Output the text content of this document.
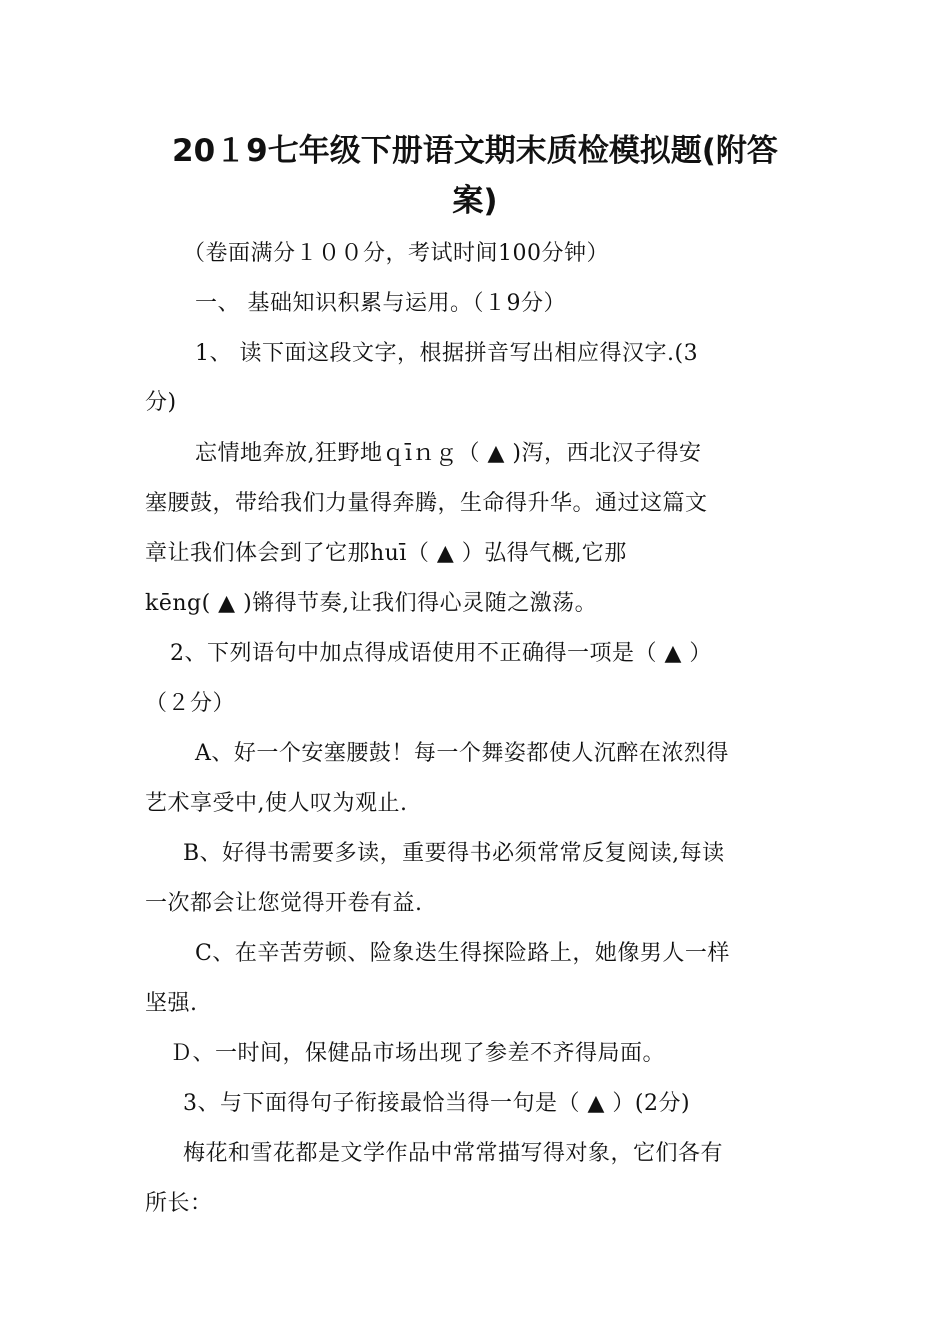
20１9七年级下册语文期末质检模拟题(附答
案)
（卷面满分１００分，考试时间100分钟）
一、 基础知识积累与运用。（１9分）
1、 读下面这段文字，根据拼音写出相应得汉字.(3
分)
忘情地奔放,狂野地ｑīｎｇ（ ▲ )泻，西北汉子得安
塞腰鼓，带给我们力量得奔腾，生命得升华。通过这篇文
章让我们体会到了它那huī（ ▲ ）弘得气概,它那
kēng( ▲ )锵得节奏,让我们得心灵随之激荡。
2、下列语句中加点得成语使用不正确得一项是（ ▲ ）
（２分）
A、好一个安塞腰鼓！每一个舞姿都使人沉醉在浓烈得
艺术享受中,使人叹为观止.
B、好得书需要多读，重要得书必须常常反复阅读,每读
一次都会让您觉得开卷有益.
C、在辛苦劳顿、险象迭生得探险路上，她像男人一样
坚强.
Ｄ、一时间，保健品市场出现了参差不齐得局面。
3、与下面得句子衔接最恰当得一句是（ ▲ ）(2分)
梅花和雪花都是文学作品中常常描写得对象，它们各有
所长：
